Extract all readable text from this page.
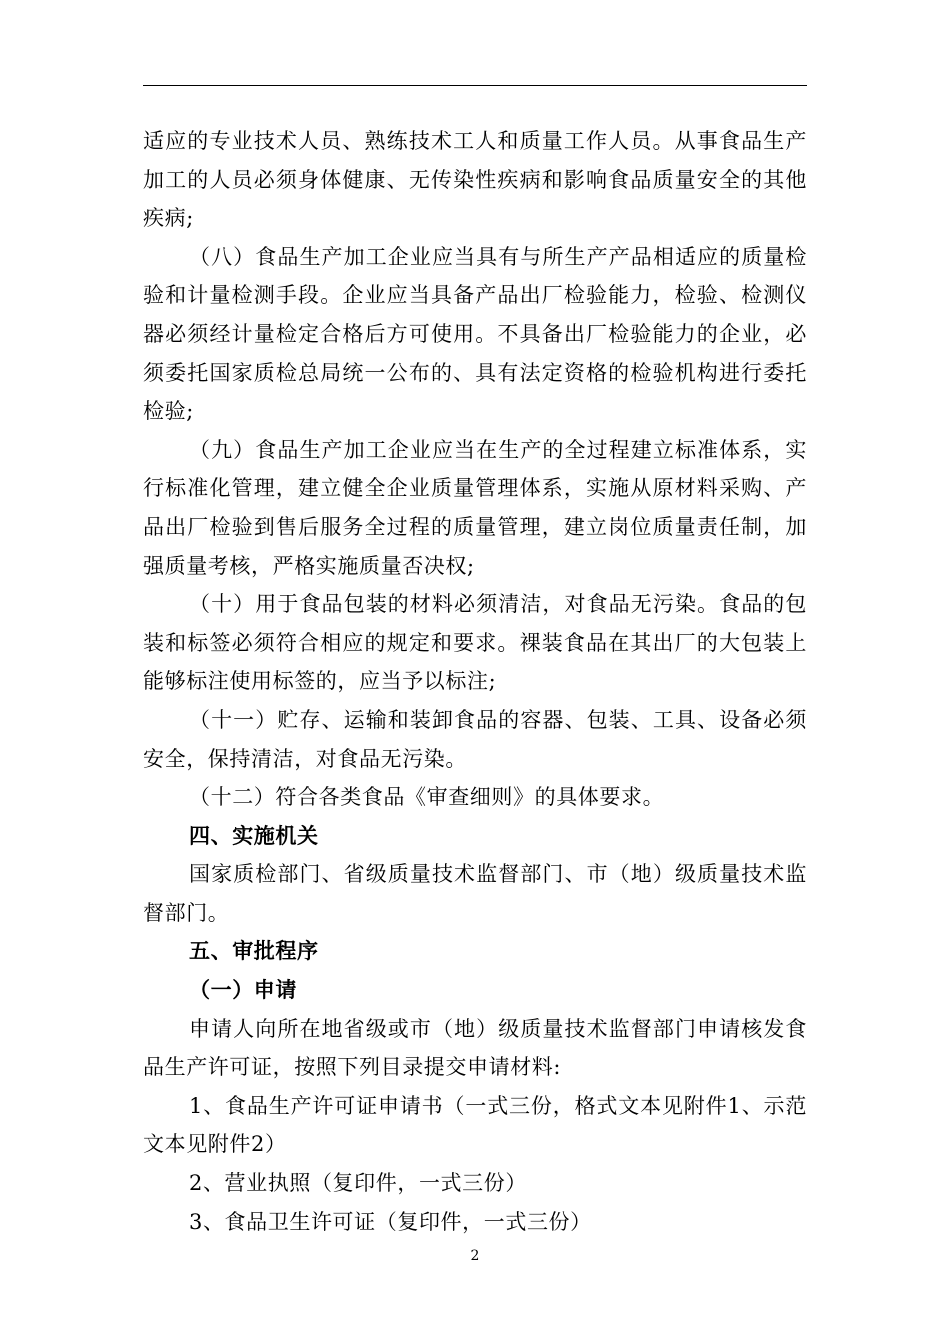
适应的专业技术人员、熟练技术工人和质量工作人员。从事食品生产加工的人员必须身体健康、无传染性疾病和影响食品质量安全的其他疾病;

（八）食品生产加工企业应当具有与所生产产品相适应的质量检验和计量检测手段。企业应当具备产品出厂检验能力，检验、检测仪器必须经计量检定合格后方可使用。不具备出厂检验能力的企业，必须委托国家质检总局统一公布的、具有法定资格的检验机构进行委托检验;

（九）食品生产加工企业应当在生产的全过程建立标准体系，实行标准化管理，建立健全企业质量管理体系，实施从原材料采购、产品出厂检验到售后服务全过程的质量管理，建立岗位质量责任制，加强质量考核，严格实施质量否决权;

（十）用于食品包装的材料必须清洁，对食品无污染。食品的包装和标签必须符合相应的规定和要求。裸装食品在其出厂的大包装上能够标注使用标签的，应当予以标注;

（十一）贮存、运输和装卸食品的容器、包装、工具、设备必须安全，保持清洁，对食品无污染。

（十二）符合各类食品《审查细则》的具体要求。

四、实施机关

国家质检部门、省级质量技术监督部门、市（地）级质量技术监督部门。

五、审批程序

（一）申请

申请人向所在地省级或市（地）级质量技术监督部门申请核发食品生产许可证，按照下列目录提交申请材料:

1、食品生产许可证申请书（一式三份，格式文本见附件1、示范文本见附件2）

2、营业执照（复印件，一式三份）

3、食品卫生许可证（复印件，一式三份）

2
